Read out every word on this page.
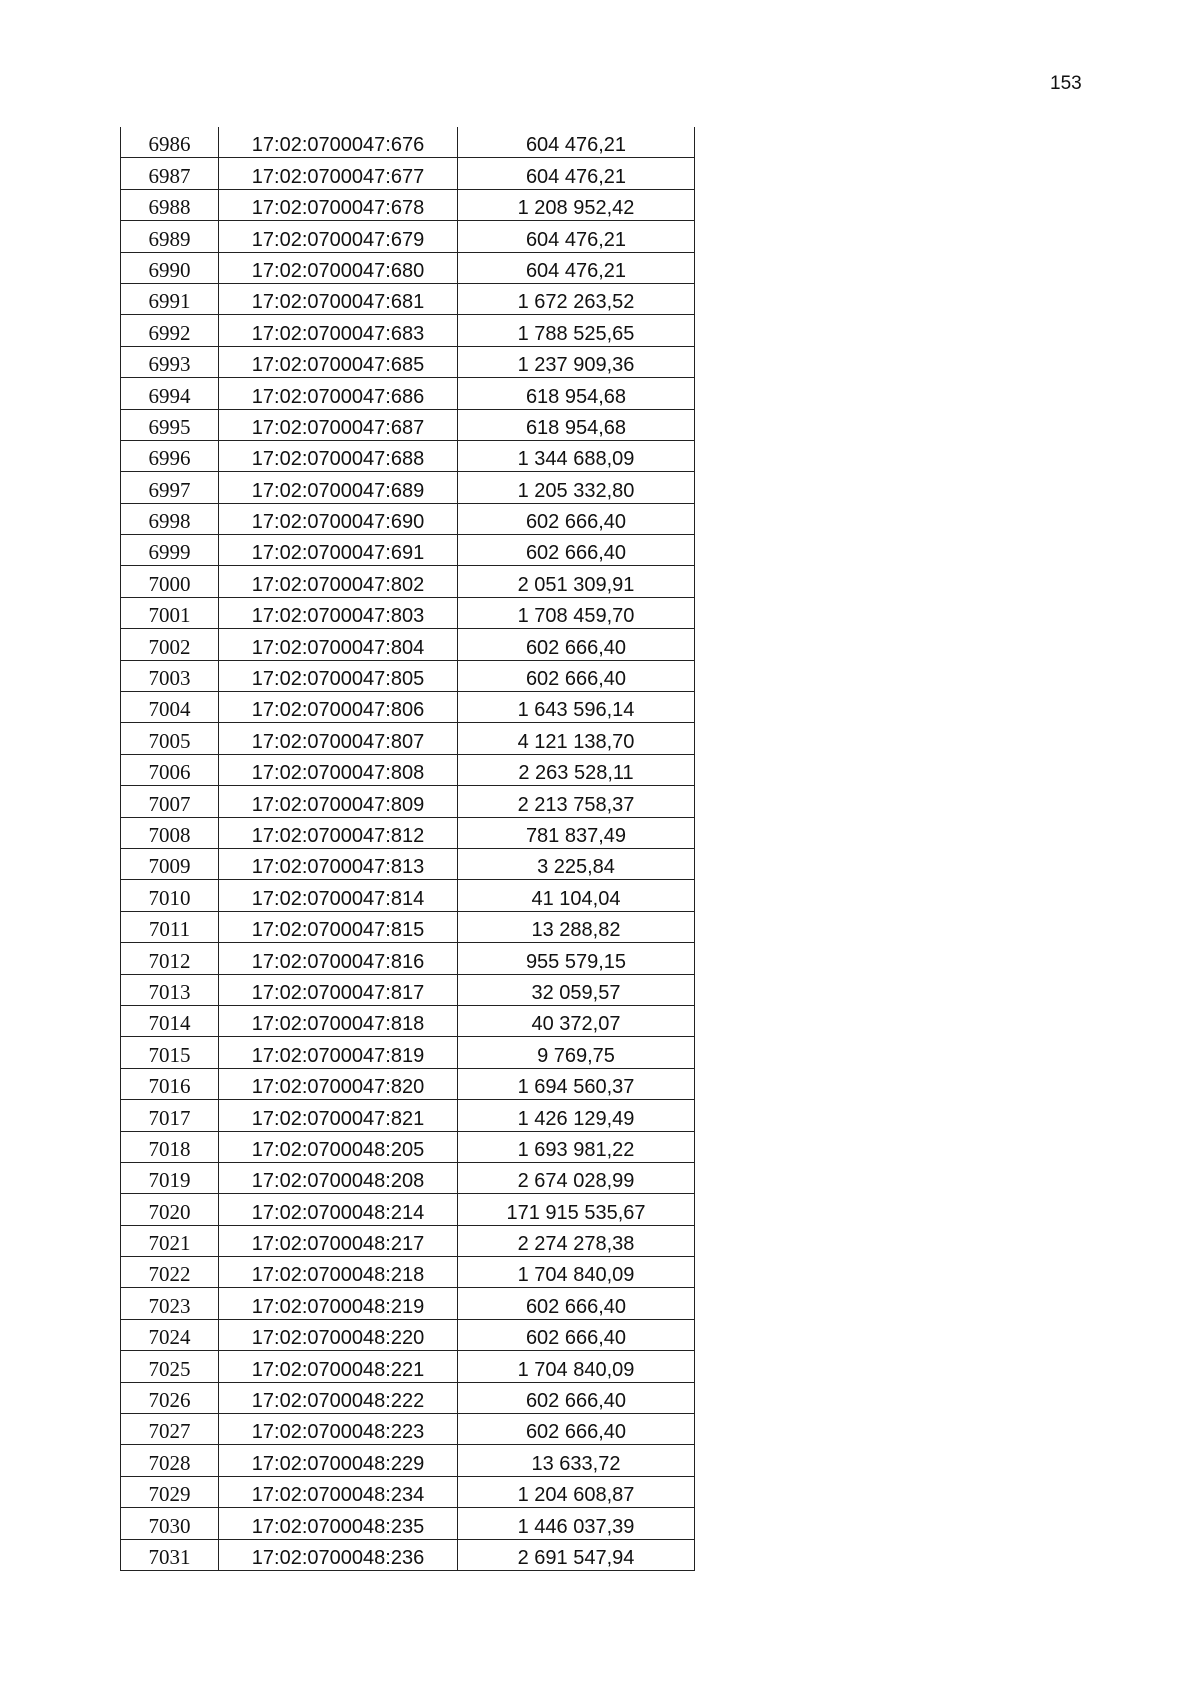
153
6986	17:02:0700047:676	604 476,21
6987	17:02:0700047:677	604 476,21
6988	17:02:0700047:678	1 208 952,42
6989	17:02:0700047:679	604 476,21
6990	17:02:0700047:680	604 476,21
6991	17:02:0700047:681	1 672 263,52
6992	17:02:0700047:683	1 788 525,65
6993	17:02:0700047:685	1 237 909,36
6994	17:02:0700047:686	618 954,68
6995	17:02:0700047:687	618 954,68
6996	17:02:0700047:688	1 344 688,09
6997	17:02:0700047:689	1 205 332,80
6998	17:02:0700047:690	602 666,40
6999	17:02:0700047:691	602 666,40
7000	17:02:0700047:802	2 051 309,91
7001	17:02:0700047:803	1 708 459,70
7002	17:02:0700047:804	602 666,40
7003	17:02:0700047:805	602 666,40
7004	17:02:0700047:806	1 643 596,14
7005	17:02:0700047:807	4 121 138,70
7006	17:02:0700047:808	2 263 528,11
7007	17:02:0700047:809	2 213 758,37
7008	17:02:0700047:812	781 837,49
7009	17:02:0700047:813	3 225,84
7010	17:02:0700047:814	41 104,04
7011	17:02:0700047:815	13 288,82
7012	17:02:0700047:816	955 579,15
7013	17:02:0700047:817	32 059,57
7014	17:02:0700047:818	40 372,07
7015	17:02:0700047:819	9 769,75
7016	17:02:0700047:820	1 694 560,37
7017	17:02:0700047:821	1 426 129,49
7018	17:02:0700048:205	1 693 981,22
7019	17:02:0700048:208	2 674 028,99
7020	17:02:0700048:214	171 915 535,67
7021	17:02:0700048:217	2 274 278,38
7022	17:02:0700048:218	1 704 840,09
7023	17:02:0700048:219	602 666,40
7024	17:02:0700048:220	602 666,40
7025	17:02:0700048:221	1 704 840,09
7026	17:02:0700048:222	602 666,40
7027	17:02:0700048:223	602 666,40
7028	17:02:0700048:229	13 633,72
7029	17:02:0700048:234	1 204 608,87
7030	17:02:0700048:235	1 446 037,39
7031	17:02:0700048:236	2 691 547,94
